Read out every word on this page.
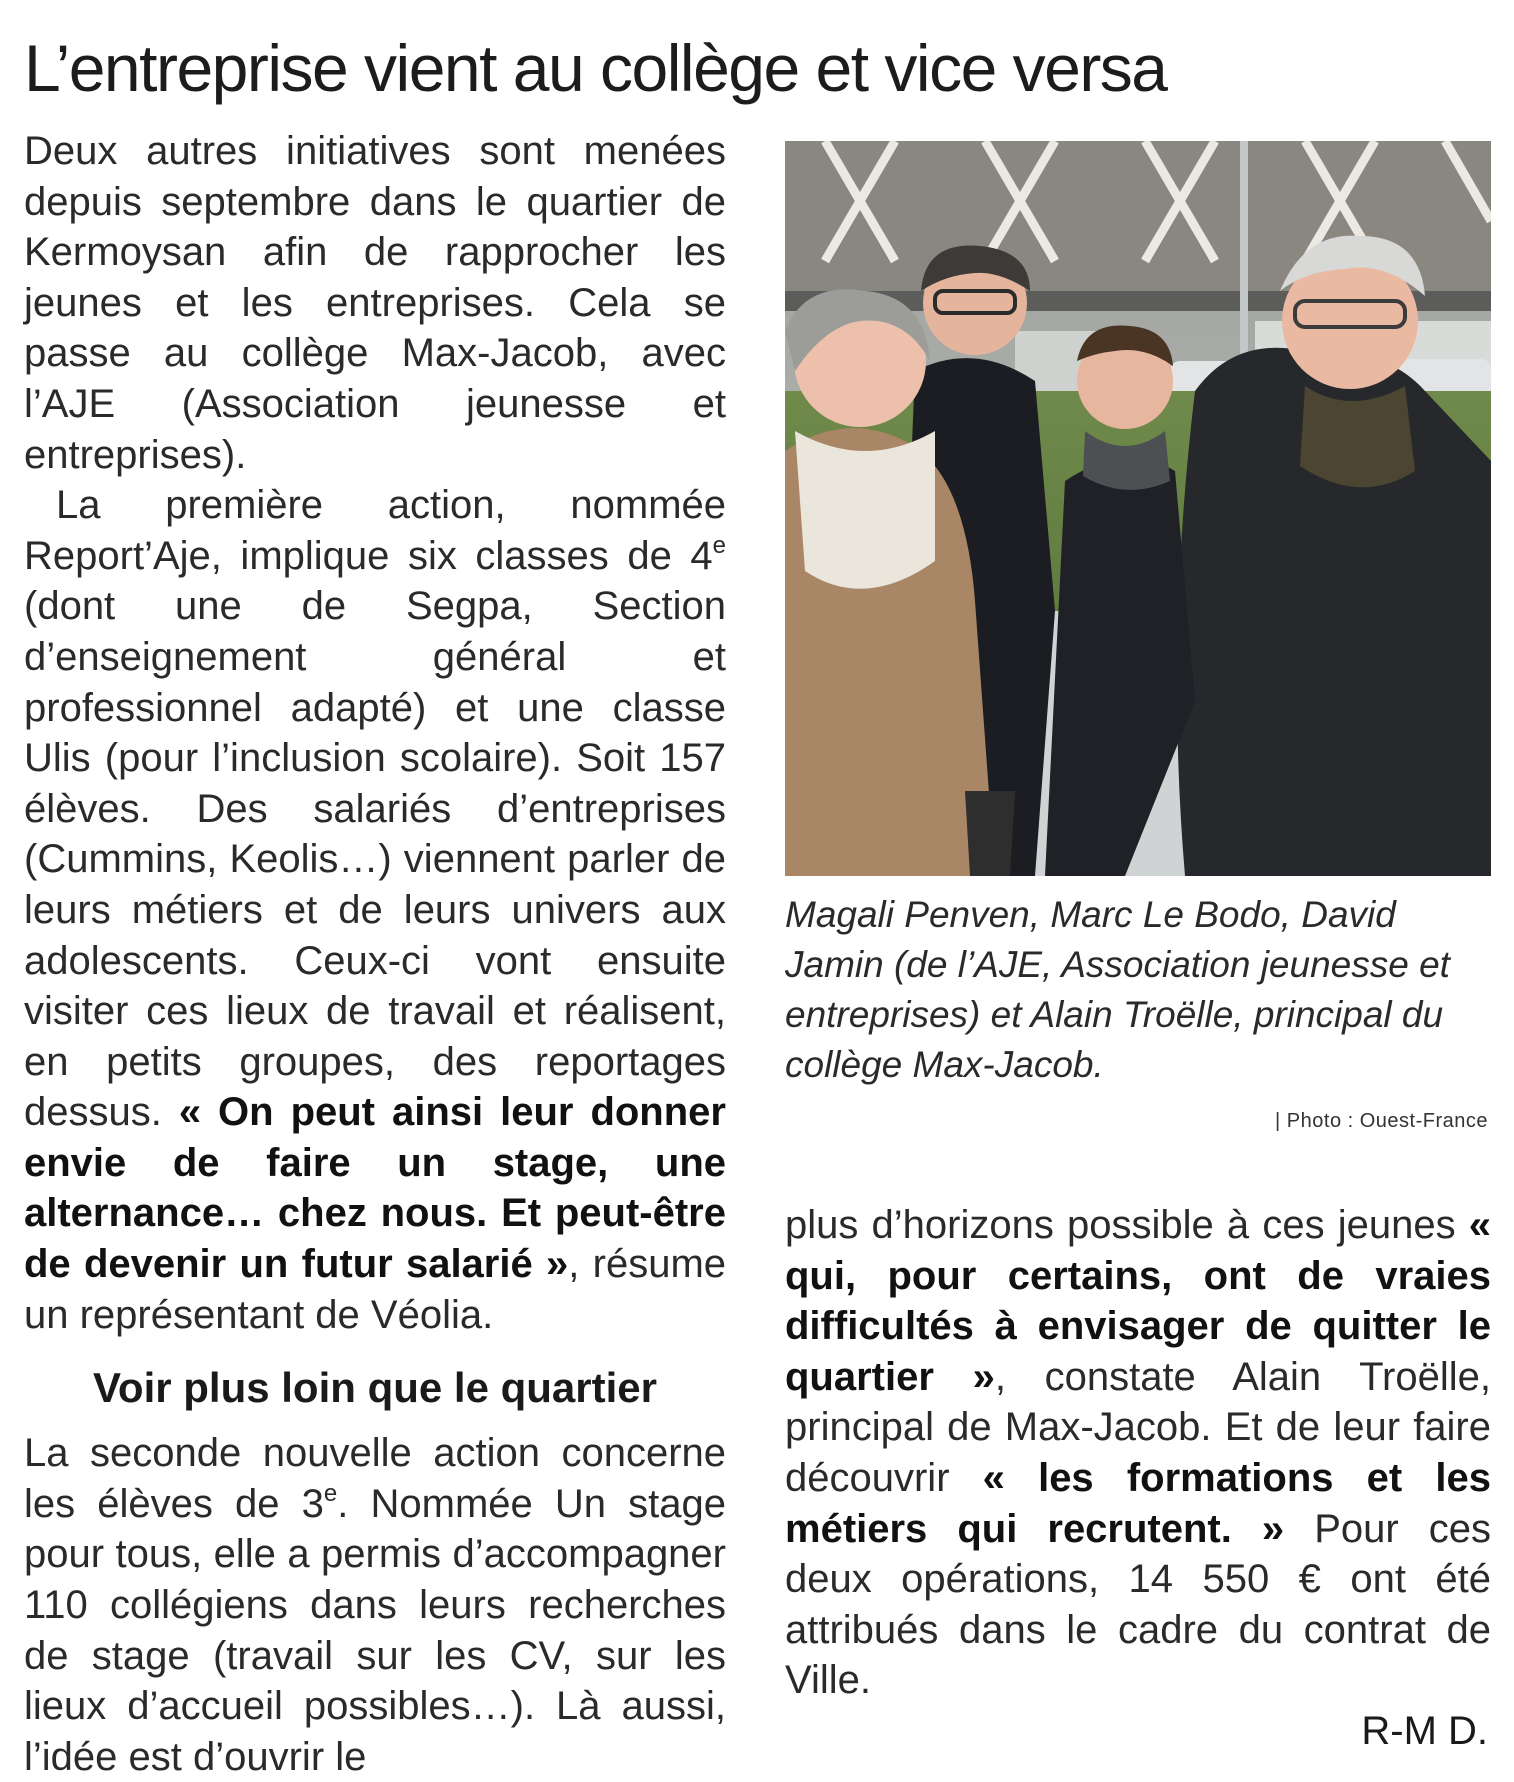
L’entreprise vient au collège et vice versa

Deux autres initiatives sont menées depuis septembre dans le quartier de Kermoysan afin de rapprocher les jeunes et les entreprises. Cela se passe au collège Max-Jacob, avec l’AJE (Association jeunesse et entreprises).

La première action, nommée Report’Aje, implique six classes de 4e (dont une de Segpa, Section d’enseignement général et professionnel adapté) et une classe Ulis (pour l’inclusion scolaire). Soit 157 élèves. Des salariés d’entreprises (Cummins, Keolis…) viennent parler de leurs métiers et de leurs univers aux adolescents. Ceux-ci vont ensuite visiter ces lieux de travail et réalisent, en petits groupes, des reportages dessus. « On peut ainsi leur donner envie de faire un stage, une alternance… chez nous. Et peut-être de devenir un futur salarié », résume un représentant de Véolia.

Voir plus loin que le quartier

La seconde nouvelle action concerne les élèves de 3e. Nommée Un stage pour tous, elle a permis d’accompagner 110 collégiens dans leurs recherches de stage (travail sur les CV, sur les lieux d’accueil possibles…). Là aussi, l’idée est d’ouvrir le

Magali Penven, Marc Le Bodo, David Jamin (de l’AJE, Association jeunesse et entreprises) et Alain Troëlle, principal du collège Max-Jacob.
| Photo : Ouest-France

plus d’horizons possible à ces jeunes « qui, pour certains, ont de vraies difficultés à envisager de quitter le quartier », constate Alain Troëlle, principal de Max-Jacob. Et de leur faire découvrir « les formations et les métiers qui recrutent. » Pour ces deux opérations, 14 550 € ont été attribués dans le cadre du contrat de Ville.

R-M D.
